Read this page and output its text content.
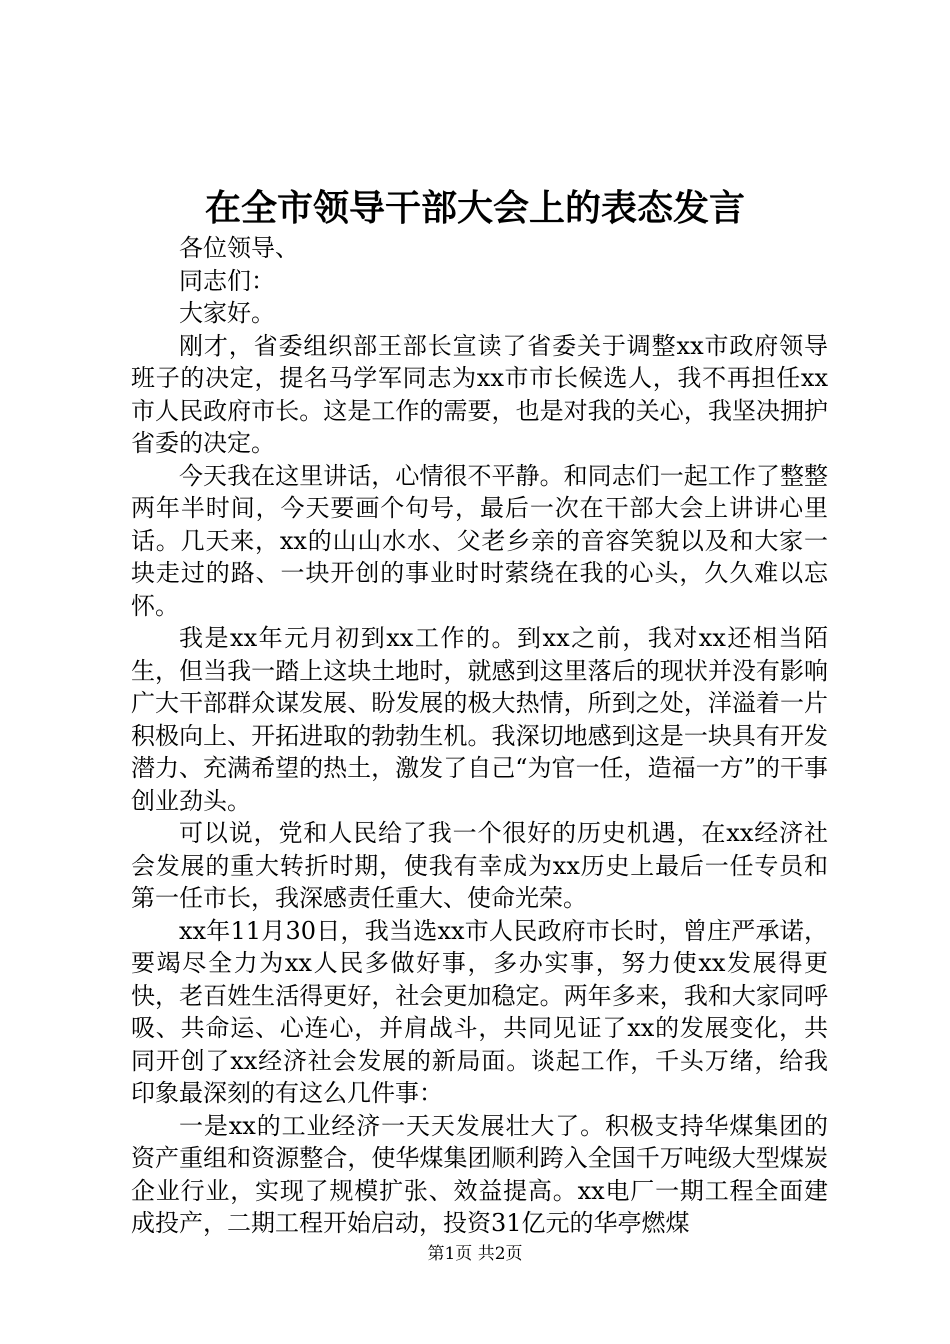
在全市领导干部大会上的表态发言

各位领导、

同志们：

大家好。

刚才，省委组织部王部长宣读了省委关于调整xx市政府领导班子的决定，提名马学军同志为xx市市长候选人，我不再担任xx市人民政府市长。这是工作的需要，也是对我的关心，我坚决拥护省委的决定。

今天我在这里讲话，心情很不平静。和同志们一起工作了整整两年半时间，今天要画个句号，最后一次在干部大会上讲讲心里话。几天来，xx的山山水水、父老乡亲的音容笑貌以及和大家一块走过的路、一块开创的事业时时萦绕在我的心头，久久难以忘怀。

我是xx年元月初到xx工作的。到xx之前，我对xx还相当陌生，但当我一踏上这块土地时，就感到这里落后的现状并没有影响广大干部群众谋发展、盼发展的极大热情，所到之处，洋溢着一片积极向上、开拓进取的勃勃生机。我深切地感到这是一块具有开发潜力、充满希望的热土，激发了自己“为官一任，造福一方”的干事创业劲头。

可以说，党和人民给了我一个很好的历史机遇，在xx经济社会发展的重大转折时期，使我有幸成为xx历史上最后一任专员和第一任市长，我深感责任重大、使命光荣。

xx年11月30日，我当选xx市人民政府市长时，曾庄严承诺，要竭尽全力为xx人民多做好事，多办实事，努力使xx发展得更快，老百姓生活得更好，社会更加稳定。两年多来，我和大家同呼吸、共命运、心连心，并肩战斗，共同见证了xx的发展变化，共同开创了xx经济社会发展的新局面。谈起工作，千头万绪，给我印象最深刻的有这么几件事：

一是xx的工业经济一天天发展壮大了。积极支持华煤集团的资产重组和资源整合，使华煤集团顺利跨入全国千万吨级大型煤炭企业行业，实现了规模扩张、效益提高。xx电厂一期工程全面建成投产，二期工程开始启动，投资31亿元的华亭燃煤

第1页 共2页
